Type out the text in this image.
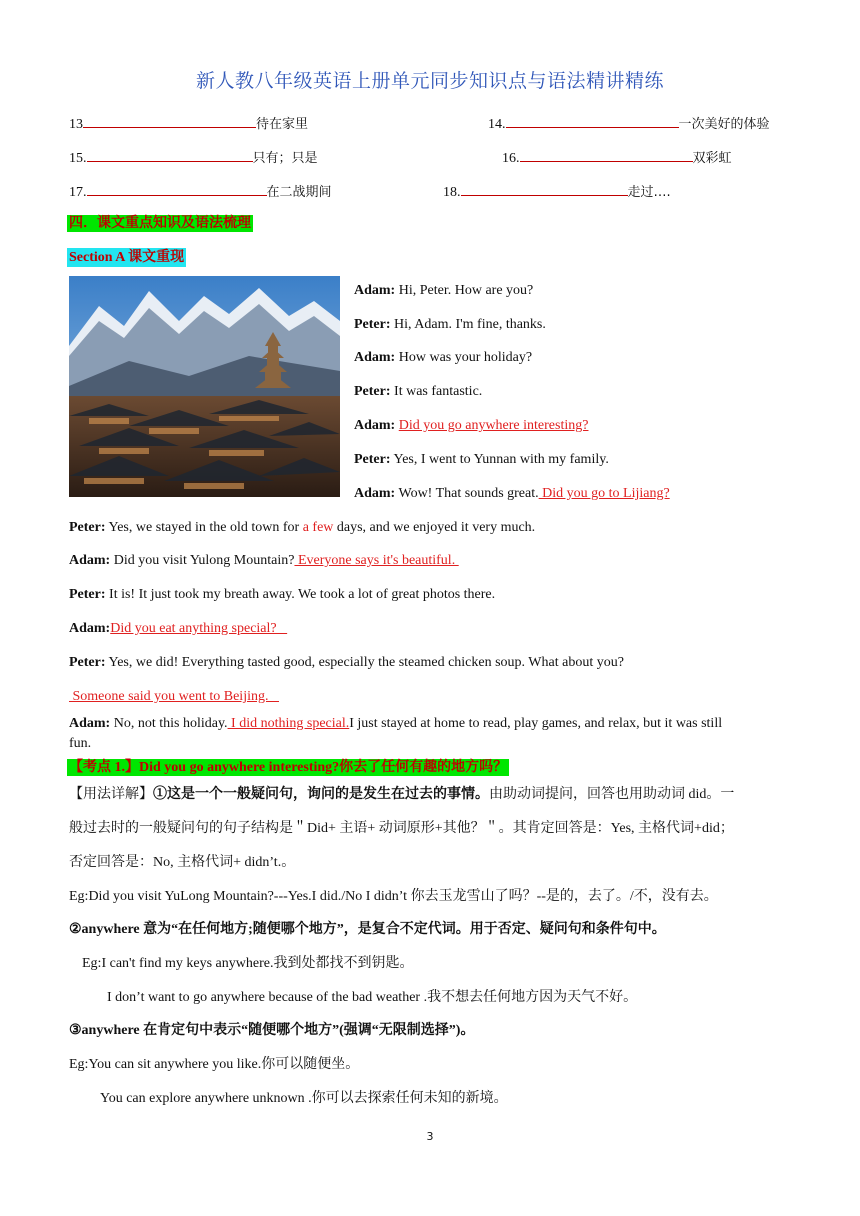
新人教八年级英语上册单元同步知识点与语法精讲精练
13	待在家里	14.	一次美好的体验
15.	只有；只是	16.	双彩虹
17.	在二战期间	18.	走过….
四．课文重点知识及语法梳理
Section A 课文重现
Adam: Hi, Peter. How are you?
Peter: Hi, Adam. I'm fine, thanks.
Adam: How was your holiday?
Peter: It was fantastic.
Adam: Did you go anywhere interesting?
Peter: Yes, I went to Yunnan with my family.
Adam: Wow! That sounds great. Did you go to Lijiang?
Peter: Yes, we stayed in the old town for a few days, and we enjoyed it very much.
Adam: Did you visit Yulong Mountain? Everyone says it's beautiful.
Peter: It is! It just took my breath away. We took a lot of great photos there.
Adam:Did you eat anything special?
Peter: Yes, we did! Everything tasted good, especially the steamed chicken soup. What about you?
Someone said you went to Beijing.
Adam: No, not this holiday. I did nothing special.I just stayed at home to read, play games, and relax, but it was still
fun.
【考点 1.】Did you go anywhere interesting?你去了任何有趣的地方吗？
【用法详解】①这是一个一般疑问句，询问的是发生在过去的事情。由助动词提问，回答也用助动词 did。一
般过去时的一般疑问句的句子结构是＂Did+ 主语+ 动词原形+其他？＂。其肯定回答是：Yes, 主格代词+did；
否定回答是：No, 主格代词+ didn’t.。
Eg:Did you visit YuLong Mountain?---Yes.I did./No I didn’t 你去玉龙雪山了吗？--是的，去了。/不，没有去。
②anywhere 意为“在任何地方;随便哪个地方”，是复合不定代词。用于否定、疑问句和条件句中。
Eg:I can't find my keys anywhere.我到处都找不到钥匙。
I don’t want to go anywhere because of the bad weather .我不想去任何地方因为天气不好。
③anywhere 在肯定句中表示“随便哪个地方”(强调“无限制选择”)。
Eg:You can sit anywhere you like.你可以随便坐。
You can explore anywhere unknown .你可以去探索任何未知的新境。
3
